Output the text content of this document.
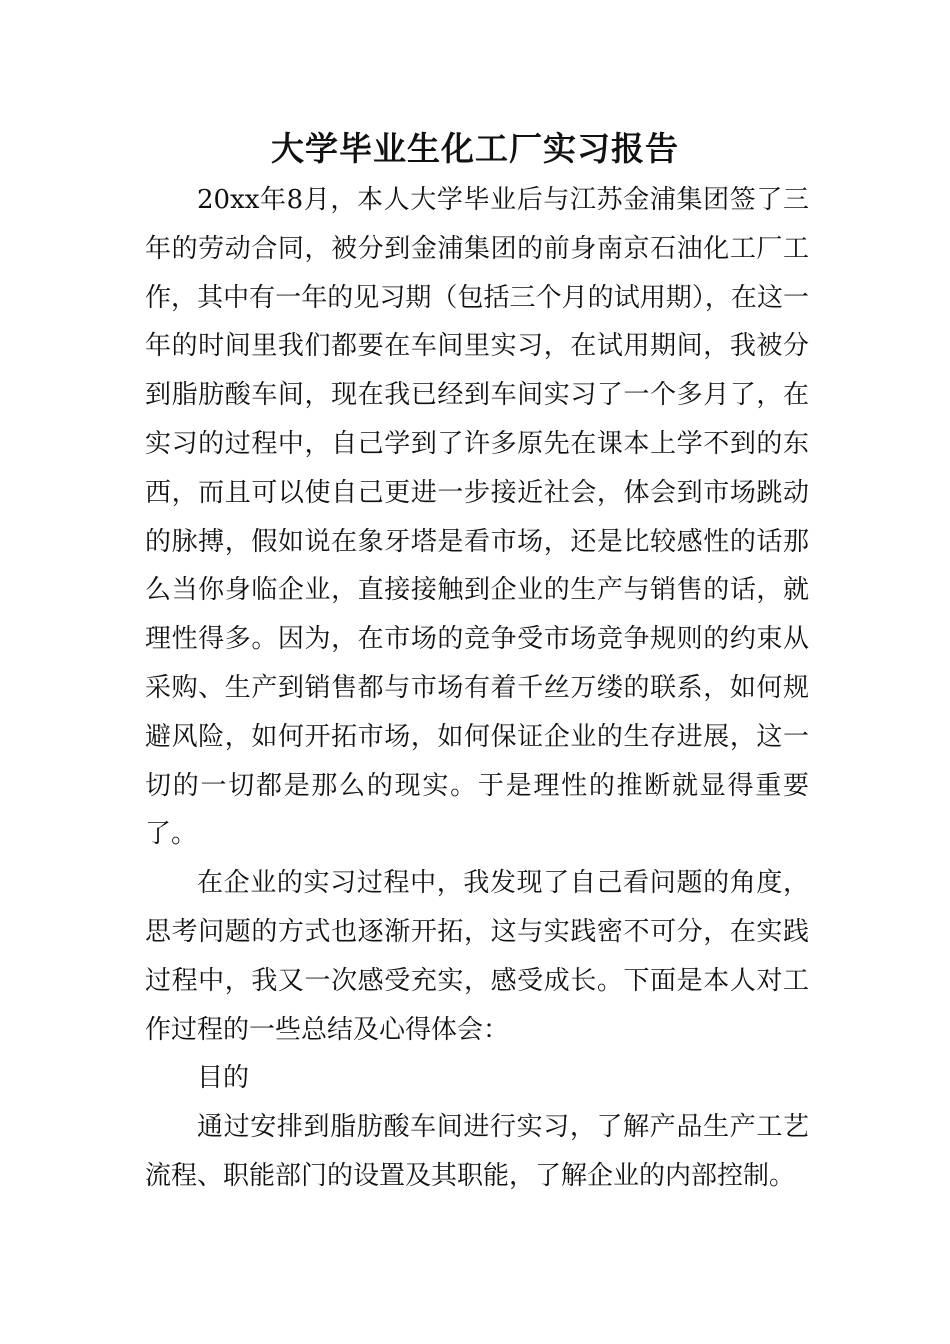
大学毕业生化工厂实习报告

20xx年8月，本人大学毕业后与江苏金浦集团签了三年的劳动合同，被分到金浦集团的前身南京石油化工厂工作，其中有一年的见习期（包括三个月的试用期），在这一年的时间里我们都要在车间里实习，在试用期间，我被分到脂肪酸车间，现在我已经到车间实习了一个多月了，在实习的过程中，自己学到了许多原先在课本上学不到的东西，而且可以使自己更进一步接近社会，体会到市场跳动的脉搏，假如说在象牙塔是看市场，还是比较感性的话那么当你身临企业，直接接触到企业的生产与销售的话，就理性得多。因为，在市场的竞争受市场竞争规则的约束从采购、生产到销售都与市场有着千丝万缕的联系，如何规避风险，如何开拓市场，如何保证企业的生存进展，这一切的一切都是那么的现实。于是理性的推断就显得重要了。

在企业的实习过程中，我发现了自己看问题的角度，思考问题的方式也逐渐开拓，这与实践密不可分，在实践过程中，我又一次感受充实，感受成长。下面是本人对工作过程的一些总结及心得体会：

目的

通过安排到脂肪酸车间进行实习，了解产品生产工艺流程、职能部门的设置及其职能，了解企业的内部控制。
